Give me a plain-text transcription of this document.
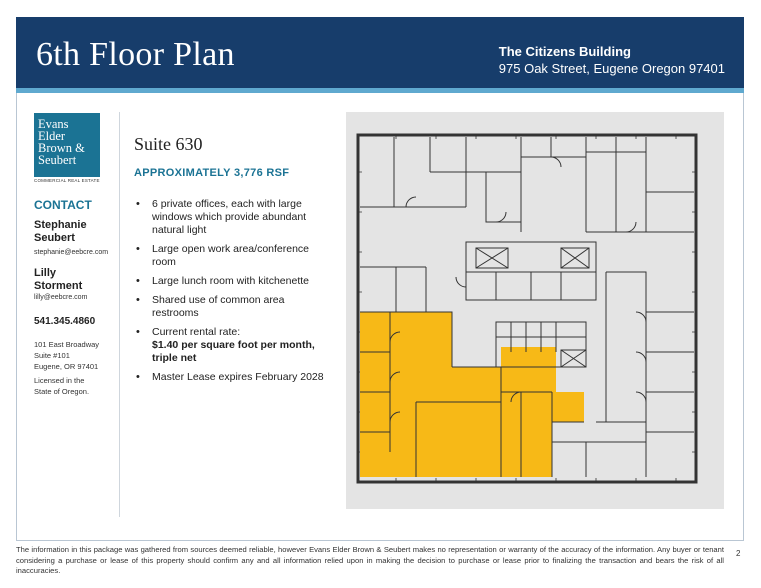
6th Floor Plan	The Citizens Building
975 Oak Street, Eugene Oregon 97401
Evans
Elder
Brown &
Seubert
COMMERCIAL REAL ESTATE
CONTACT
Stephanie
Seubert
stephanie@eebcre.com
Lilly
Storment
lilly@eebcre.com
541.345.4860
101 East Broadway
Suite #101
Eugene, OR 97401
Licensed in the
State of Oregon.
Suite 630
APPROXIMATELY 3,776 RSF
• 6 private offices, each with large windows which provide abundant natural light
• Large open work area/conference room
• Large lunch room with kitchenette
• Shared use of common area restrooms
• Current rental rate:
$1.40 per square foot per month, triple net
• Master Lease expires February 2028
The information in this package was gathered from sources deemed reliable, however Evans Elder Brown & Seubert makes no representation or warranty of the accuracy of the information. Any buyer or tenant considering a purchase or lease of this property should confirm any and all information relied upon in making the decision to purchase or lease prior to finalizing the transaction and bears the risk of all inaccuracies.
2
